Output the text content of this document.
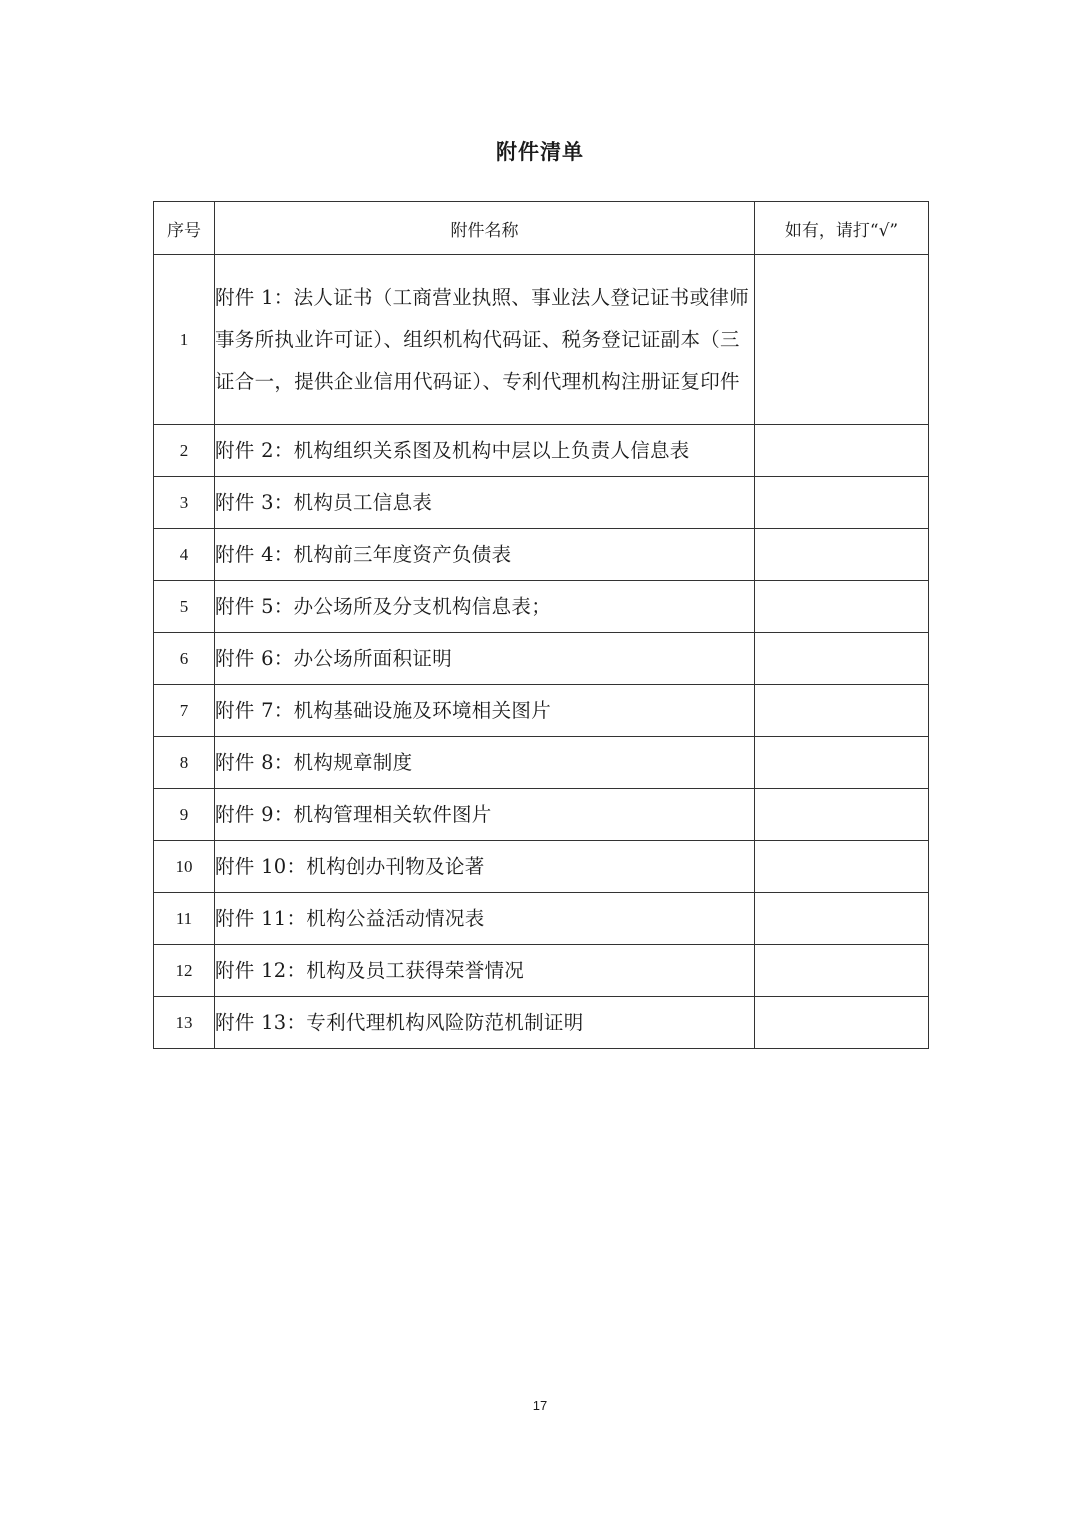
附件清单
序号	附件名称	如有，请打“√”
1	附件 1：法人证书（工商营业执照、事业法人登记证书或律师事务所执业许可证）、组织机构代码证、税务登记证副本（三证合一，提供企业信用代码证）、专利代理机构注册证复印件	
2	附件 2：机构组织关系图及机构中层以上负责人信息表	
3	附件 3：机构员工信息表	
4	附件 4：机构前三年度资产负债表	
5	附件 5：办公场所及分支机构信息表；	
6	附件 6：办公场所面积证明	
7	附件 7：机构基础设施及环境相关图片	
8	附件 8：机构规章制度	
9	附件 9：机构管理相关软件图片	
10	附件 10：机构创办刊物及论著	
11	附件 11：机构公益活动情况表	
12	附件 12：机构及员工获得荣誉情况	
13	附件 13：专利代理机构风险防范机制证明	
17
